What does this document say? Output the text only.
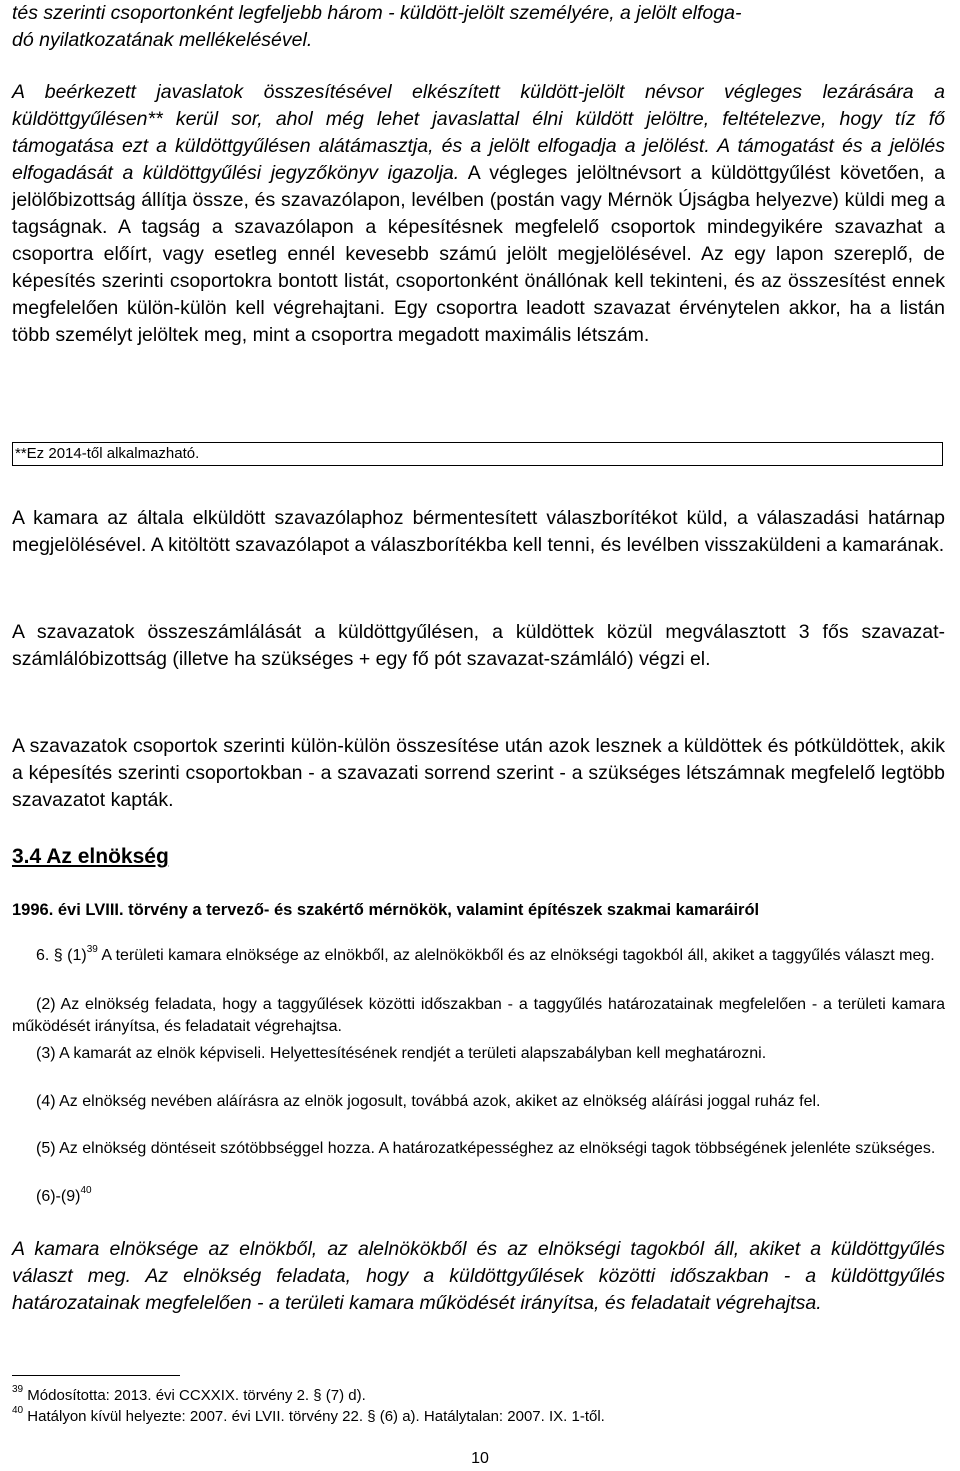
tés szerinti csoportonként legfeljebb három - küldött-jelölt személyére, a jelölt elfoga-
dó nyilatkozatának mellékelésével.

A beérkezett javaslatok összesítésével elkészített küldött-jelölt névsor végleges lezárására a küldöttgyűlésen** kerül sor, ahol még lehet javaslattal élni küldött jelöltre, feltételezve, hogy tíz fő támogatása ezt a küldöttgyűlésen alátámasztja, és a jelölt elfogadja a jelölést. A támogatást és a jelölés elfogadását a küldöttgyűlési jegyzőkönyv igazolja. A végleges jelöltnévsort a küldöttgyűlést követően, a jelölőbizottság állítja össze, és szavazólapon, levélben (postán vagy Mérnök Újságba helyezve) küldi meg a tagságnak. A tagság a szavazólapon a képesítésnek megfelelő csoportok mindegyikére szavazhat a csoportra előírt, vagy esetleg ennél kevesebb számú jelölt megjelölésével. Az egy lapon szereplő, de képesítés szerinti csoportokra bontott listát, csoportonként önállónak kell tekinteni, és az összesítést ennek megfelelően külön-külön kell végrehajtani. Egy csoportra leadott szavazat érvénytelen akkor, ha a listán több személyt jelöltek meg, mint a csoportra megadott maximális létszám.

**Ez 2014-től alkalmazható.

A kamara az általa elküldött szavazólaphoz bérmentesített válaszborítékot küld, a válaszadási határnap megjelölésével. A kitöltött szavazólapot a válaszborítékba kell tenni, és levélben visszaküldeni a kamarának.

A szavazatok összeszámlálását a küldöttgyűlésen, a küldöttek közül megválasztott 3 fős szavazat-számlálóbizottság (illetve ha szükséges + egy fő pót szavazat-számláló) végzi el.

A szavazatok csoportok szerinti külön-külön összesítése után azok lesznek a küldöttek és pótküldöttek, akik a képesítés szerinti csoportokban - a szavazati sorrend szerint - a szükséges létszámnak megfelelő legtöbb szavazatot kapták.

3.4 Az elnökség

1996. évi LVIII. törvény a tervező- és szakértő mérnökök, valamint építészek szakmai kamaráiról

6. § $(1)^{39}$ A területi kamara elnöksége az elnökből, az alelnökökből és az elnökségi tagokból áll, akiket a taggyűlés választ meg.

(2) Az elnökség feladata, hogy a taggyűlések közötti időszakban - a taggyűlés határozatainak megfelelően - a területi kamara működését irányítsa, és feladatait végrehajtsa.

(3) A kamarát az elnök képviseli. Helyettesítésének rendjét a területi alapszabályban kell meghatározni.

(4) Az elnökség nevében aláírásra az elnök jogosult, továbbá azok, akiket az elnökség aláírási joggal ruház fel.

(5) Az elnökség döntéseit szótöbbséggel hozza. A határozatképességhez az elnökségi tagok többségének jelenléte szükséges.

$(6)-(9)^{40}$

A kamara elnöksége az elnökből, az alelnökökből és az elnökségi tagokból áll, akiket a küldöttgyűlés választ meg. Az elnökség feladata, hogy a küldöttgyűlések közötti időszakban - a küldöttgyűlés határozatainak megfelelően - a területi kamara működését irányítsa, és feladatait végrehajtsa.

$^{39}$ Módosította: 2013. évi CCXXIX. törvény 2. § (7) d).

$^{40}$ Hatályon kívül helyezte: 2007. évi LVII. törvény 22. § (6) a). Hatálytalan: 2007. IX. 1-től.

10
